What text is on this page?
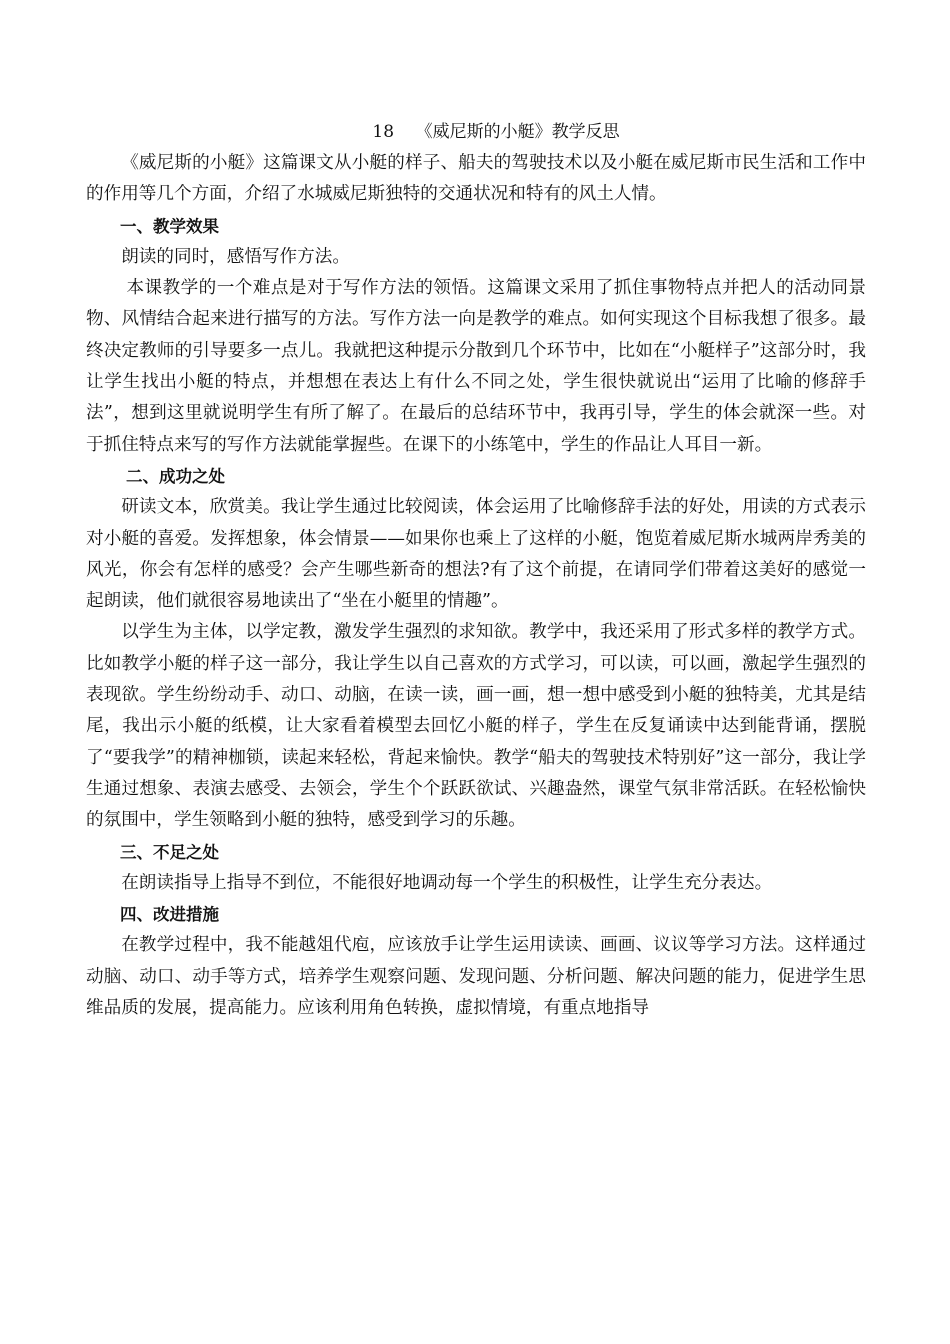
18    《威尼斯的小艇》教学反思

《威尼斯的小艇》这篇课文从小艇的样子、船夫的驾驶技术以及小艇在威尼斯市民生活和工作中的作用等几个方面，介绍了水城威尼斯独特的交通状况和特有的风土人情。

一、教学效果

朗读的同时，感悟写作方法。

本课教学的一个难点是对于写作方法的领悟。这篇课文采用了抓住事物特点并把人的活动同景物、风情结合起来进行描写的方法。写作方法一向是教学的难点。如何实现这个目标我想了很多。最终决定教师的引导要多一点儿。我就把这种提示分散到几个环节中，比如在“小艇样子”这部分时，我让学生找出小艇的特点，并想想在表达上有什么不同之处，学生很快就说出“运用了比喻的修辞手法”，想到这里就说明学生有所了解了。在最后的总结环节中，我再引导，学生的体会就深一些。对于抓住特点来写的写作方法就能掌握些。在课下的小练笔中，学生的作品让人耳目一新。

二、成功之处

研读文本，欣赏美。我让学生通过比较阅读，体会运用了比喻修辞手法的好处，用读的方式表示对小艇的喜爱。发挥想象，体会情景——如果你也乘上了这样的小艇，饱览着威尼斯水城两岸秀美的风光，你会有怎样的感受？会产生哪些新奇的想法?有了这个前提，在请同学们带着这美好的感觉一起朗读，他们就很容易地读出了“坐在小艇里的情趣”。

以学生为主体，以学定教，激发学生强烈的求知欲。教学中，我还采用了形式多样的教学方式。比如教学小艇的样子这一部分，我让学生以自己喜欢的方式学习，可以读，可以画，激起学生强烈的表现欲。学生纷纷动手、动口、动脑，在读一读，画一画，想一想中感受到小艇的独特美，尤其是结尾，我出示小艇的纸模，让大家看着模型去回忆小艇的样子，学生在反复诵读中达到能背诵，摆脱了“要我学”的精神枷锁，读起来轻松，背起来愉快。教学“船夫的驾驶技术特别好”这一部分，我让学生通过想象、表演去感受、去领会，学生个个跃跃欲试、兴趣盎然，课堂气氛非常活跃。在轻松愉快的氛围中，学生领略到小艇的独特，感受到学习的乐趣。

三、不足之处

在朗读指导上指导不到位，不能很好地调动每一个学生的积极性，让学生充分表达。

四、改进措施

在教学过程中，我不能越俎代庖，应该放手让学生运用读读、画画、议议等学习方法。这样通过动脑、动口、动手等方式，培养学生观察问题、发现问题、分析问题、解决问题的能力，促进学生思维品质的发展，提高能力。应该利用角色转换，虚拟情境，有重点地指导
